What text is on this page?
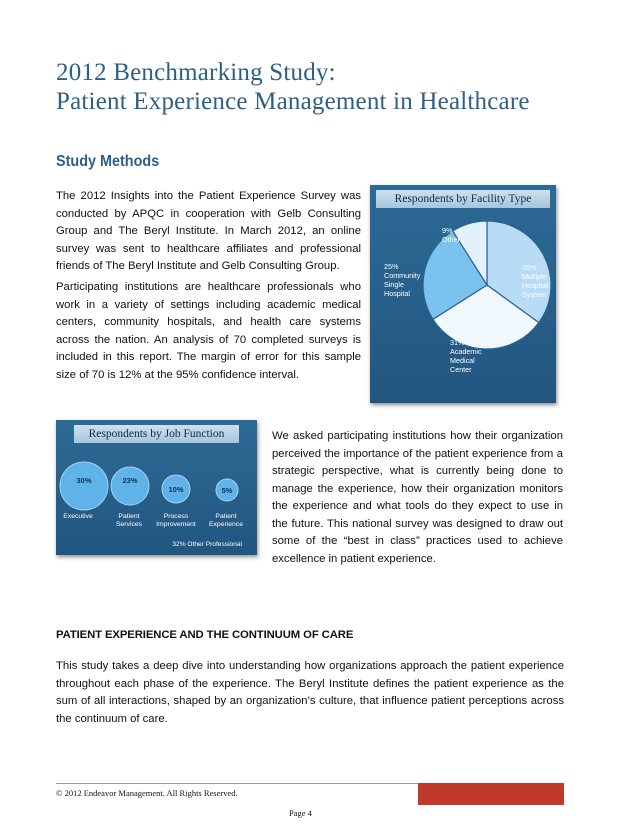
2012 Benchmarking Study:
Patient Experience Management in Healthcare
Study Methods
The 2012 Insights into the Patient Experience Survey was conducted by APQC in cooperation with Gelb Consulting Group and The Beryl Institute. In March 2012, an online survey was sent to healthcare affiliates and professional friends of The Beryl Institute and Gelb Consulting Group.
Participating institutions are healthcare professionals who work in a variety of settings including academic medical centers, community hospitals, and health care systems across the nation. An analysis of 70 completed surveys is included in this report. The margin of error for this sample size of 70 is 12% at the 95% confidence interval.
Respondents by Facility Type
35% Multiple Hospital System
31% Academic Medical Center
25% Community Single Hospital
9% Other
Respondents by Job Function
30%
Executive
23%
Patient Services
10%
Process Improvement
5%
Patient Experience
32% Other Professional
We asked participating institutions how their organization perceived the importance of the patient experience from a strategic perspective, what is currently being done to manage the experience, how their organization monitors the experience and what tools do they expect to use in the future. This national survey was designed to draw out some of the “best in class” practices used to achieve excellence in patient experience.
PATIENT EXPERIENCE AND THE CONTINUUM OF CARE
This study takes a deep dive into understanding how organizations approach the patient experience throughout each phase of the experience. The Beryl Institute defines the patient experience as the sum of all interactions, shaped by an organization’s culture, that influence patient perceptions across the continuum of care.
© 2012 Endeavor Management. All Rights Reserved.
Page 4
